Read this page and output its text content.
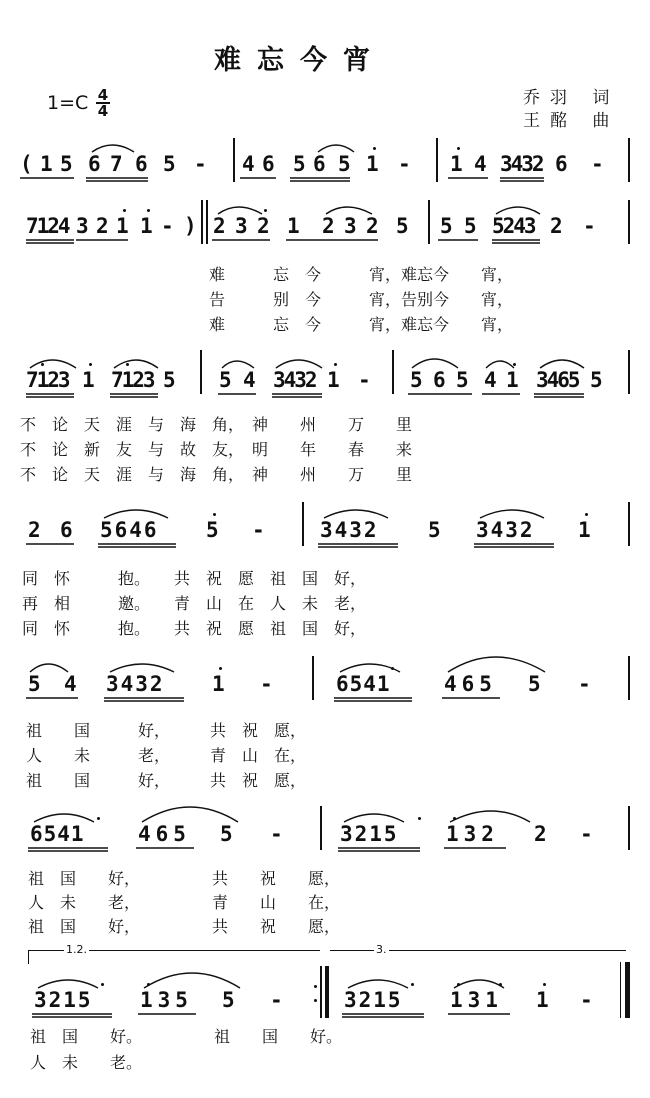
难忘今宵
1=C 4
4
乔羽 词
王酩 曲
( 1 5 6 7 6 5 - 4 6 5 6 5 1 - 1 4 3432 6 -
7124 3 2 1 1 - ) 2 3 2 1 2 3 2 5 5 5 5243 2 -
难　　　忘　今　　　宵，难忘今　　宵，
告　　　别　今　　　宵，告别今　　宵，
难　　　忘　今　　　宵，难忘今　　宵，
7123 1 7123 5 5 4 3432 1 - 5 6 5 4 1 3465 5
不　论　天　涯　与　海　角，　神　　州　　万　　里
不　论　新　友　与　故　友，　明　　年　　春　　来
不　论　天　涯　与　海　角，　神　　州　　万　　里
2 6 5646 5 -	3432 5 3432 1
同　怀　　　抱。　　共　祝　愿　祖　国　好，
再　相　　　邀。　　青　山　在　人　未　老，
同　怀　　　抱。　　共　祝　愿　祖　国　好，
5 4 3432 1 -	6541	465 5 -
祖　　国　　　好，　　　共　祝　愿，
人　　未　　　老，　　　青　山　在，
祖　　国　　　好，　　　共　祝　愿，
6541	465 5 -	3215 132 2 -
祖　国　　好，　　　　　共　　祝　　愿，
人　未　　老，　　　　　青　　山　　在，
祖　国　　好，　　　　　共　　祝　　愿，
1.2.	3.
3215 135 5 -	3215 131 1 -
祖　国　　好。　　　　　祖　　国　　好。
人　未　　老。
